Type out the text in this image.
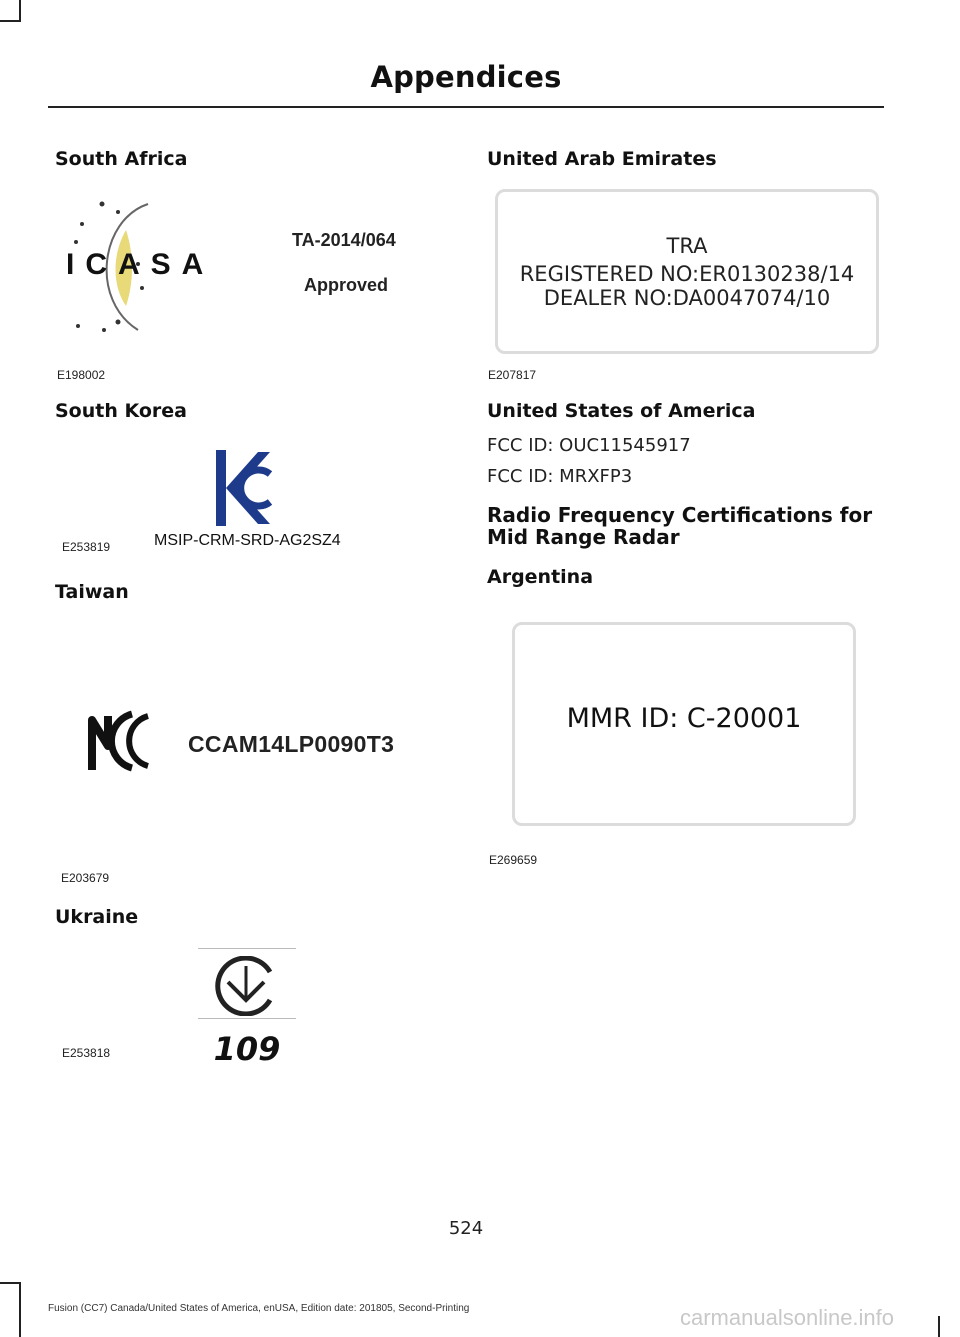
Appendices
South Africa
ICASA
TA-2014/064
Approved
E198002
South Korea
MSIP-CRM-SRD-AG2SZ4
E253819
Taiwan
CCAM14LP0090T3
E203679
Ukraine
109
E253818
United Arab Emirates
TRA
REGISTERED NO:ER0130238/14
DEALER NO:DA0047074/10
E207817
United States of America
FCC ID: OUC11545917
FCC ID: MRXFP3
Radio Frequency Certifications for
Mid Range Radar
Argentina
MMR ID: C-20001
E269659
524
Fusion (CC7) Canada/United States of America, enUSA, Edition date: 201805, Second-Printing	carmanualsonline.info
